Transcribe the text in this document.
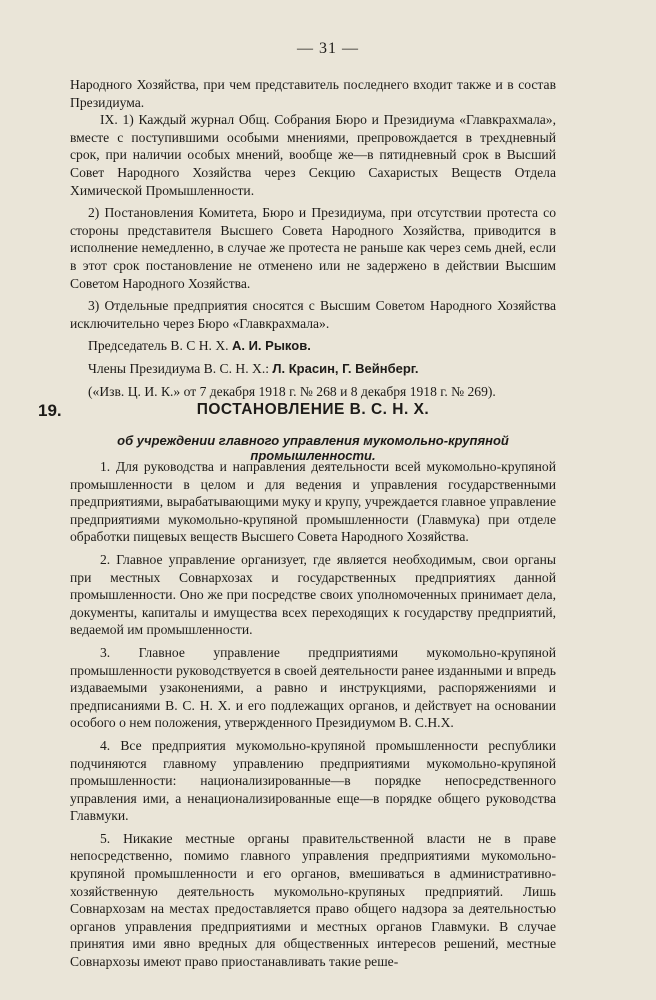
— 31 —

Народного Хозяйства, при чем представитель последнего входит также и в состав Президиума.

IX. 1) Каждый журнал Общ. Собрания Бюро и Президиума «Главкрахмала», вместе с поступившими особыми мнениями, препровождается в трехдневный срок, при наличии особых мнений, вообще же—в пятидневный срок в Высший Совет Народного Хозяйства через Секцию Сахаристых Веществ Отдела Химической Промышленности.

2) Постановления Комитета, Бюро и Президиума, при отсутствии протеста со стороны представителя Высшего Совета Народного Хозяйства, приводится в исполнение немедленно, в случае же протеста не раньше как через семь дней, если в этот срок постановление не отменено или не задержено в действии Высшим Советом Народного Хозяйства.

3) Отдельные предприятия сносятся с Высшим Советом Народного Хозяйства исключительно через Бюро «Главкрахмала».

Председатель В. С Н. Х. А. И. Рыков.

Члены Президиума В. С. Н. Х.: Л. Красин, Г. Вейнберг.

(«Изв. Ц. И. К.» от 7 декабря 1918 г. № 268 и 8 декабря 1918 г. № 269).

19.	ПОСТАНОВЛЕНИЕ В. С. Н. Х.
об учреждении главного управления мукомольно-крупяной промышленности.

1. Для руководства и направления деятельности всей мукомольно-крупяной промышленности в целом и для ведения и управления государственными предприятиями, вырабатывающими муку и крупу, учреждается главное управление предприятиями мукомольно-крупяной промышленности (Главмука) при отделе обработки пищевых веществ Высшего Совета Народного Хозяйства.

2. Главное управление организует, где является необходимым, свои органы при местных Совнархозах и государственных предприятиях данной промышленности. Оно же при посредстве своих уполномоченных принимает дела, документы, капиталы и имущества всех переходящих к государству предприятий, ведаемой им промышленности.

3. Главное управление предприятиями мукомольно-крупяной промышленности руководствуется в своей деятельности ранее изданными и впредь издаваемыми узаконениями, а равно и инструкциями, распоряжениями и предписаниями В. С. Н. Х. и его подлежащих органов, и действует на основании особого о нем положения, утвержденного Президиумом В. С.Н.Х.

4. Все предприятия мукомольно-крупяной промышленности республики подчиняются главному управлению предприятиями мукомольно-крупяной промышленности: национализированные—в порядке непосредственного управления ими, а ненационализированные еще—в порядке общего руководства Главмуки.

5. Никакие местные органы правительственной власти не в праве непосредственно, помимо главного управления предприятиями мукомольно-крупяной промышленности и его органов, вмешиваться в административно-хозяйственную деятельность мукомольно-крупяных предприятий. Лишь Совнархозам на местах предоставляется право общего надзора за деятельностью органов управления предприятиями и местных органов Главмуки. В случае принятия ими явно вредных для общественных интересов решений, местные Совнархозы имеют право приостанавливать такие реше-
